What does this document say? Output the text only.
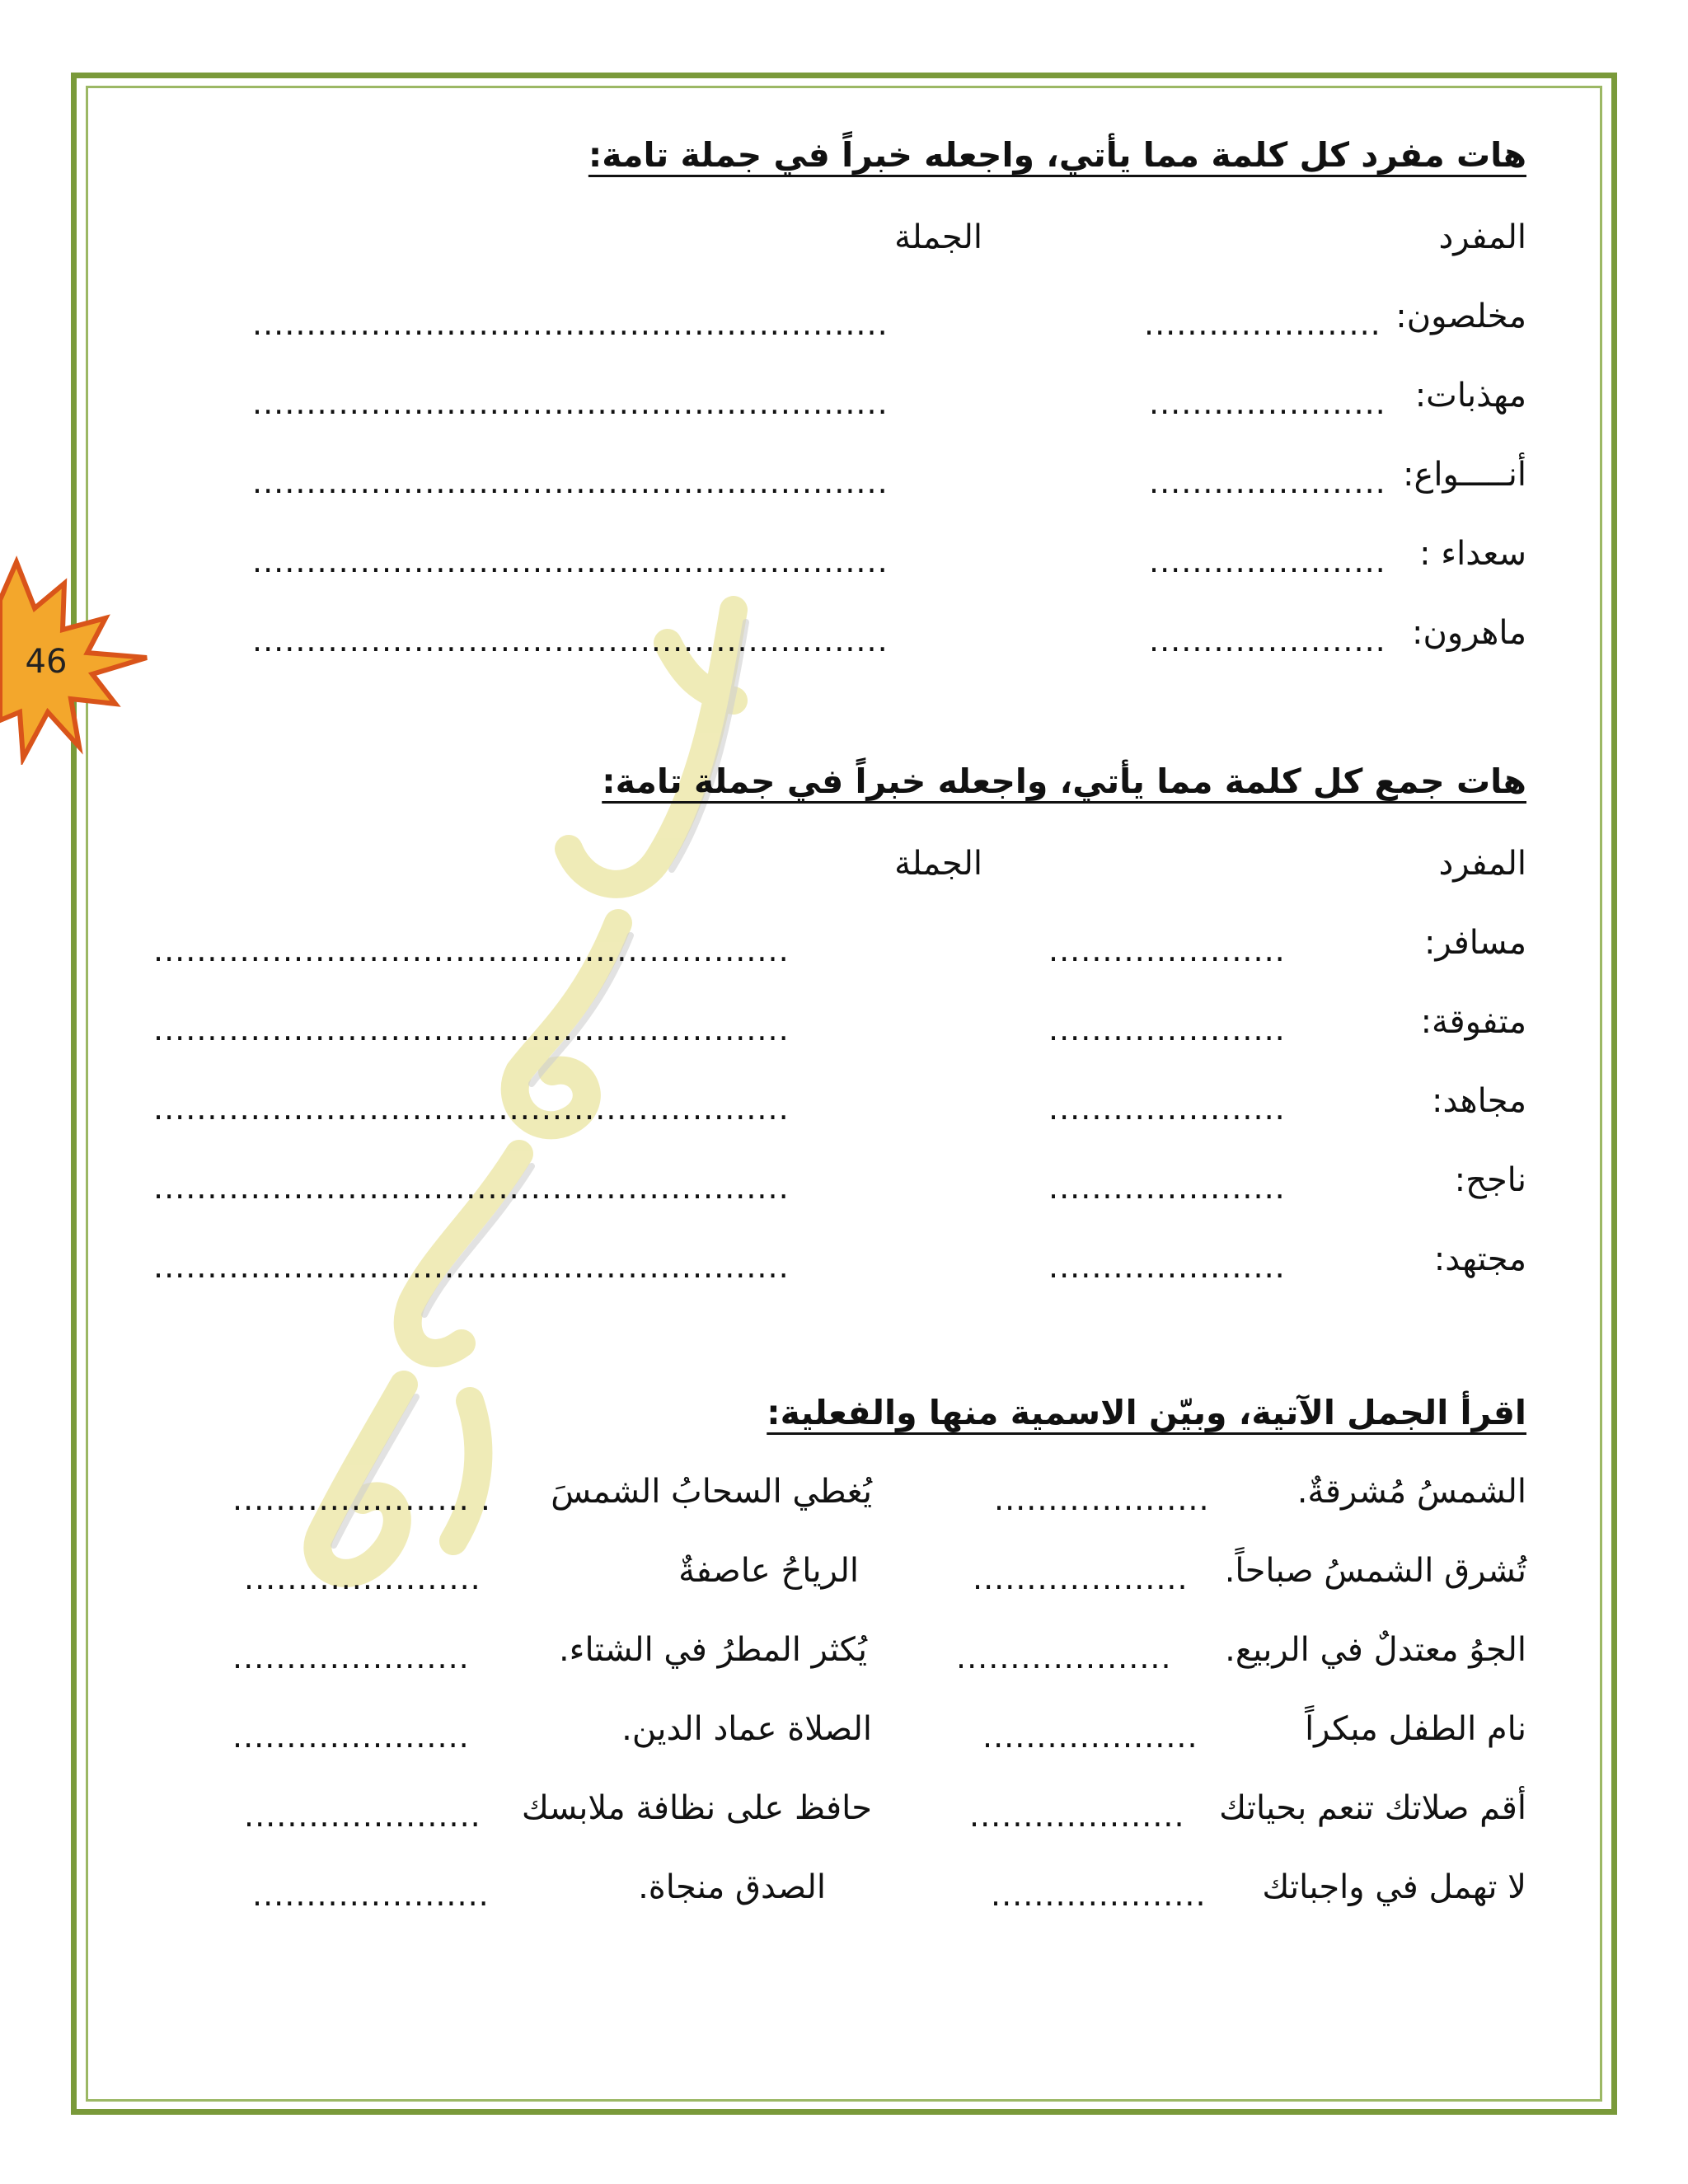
46
هات مفرد كل كلمة مما يأتي، واجعله خبراً في جملة تامة:
المفرد
الجملة
مخلصون:
......................
...........................................................
مهذبات:
......................
...........................................................
أنـــــواع:
......................
...........................................................
سعداء :
......................
...........................................................
ماهرون:
......................
...........................................................
هات جمع كل كلمة مما يأتي، واجعله خبراً في جملة تامة:
المفرد
الجملة
مسافر:
......................
...........................................................
متفوقة:
......................
...........................................................
مجاهد:
......................
...........................................................
ناجح:
......................
...........................................................
مجتهد:
......................
...........................................................
اقرأ الجمل الآتية، وبيّن الاسمية منها والفعلية:
الشمسُ مُشرقةٌ.
....................
يُغطي السحابُ الشمسَ
...................... .
تُشرق الشمسُ صباحاً.
....................
الرياحُ عاصفةٌ
......................
الجوُ معتدلٌ في الربيع.
....................
يُكثر المطرُ في الشتاء.
......................
نام الطفل مبكراً
....................
الصلاة عماد الدين.
......................
أقم صلاتك تنعم بحياتك
....................
حافظ على نظافة ملابسك
......................
لا تهمل في واجباتك
....................
الصدق منجاة.
......................
